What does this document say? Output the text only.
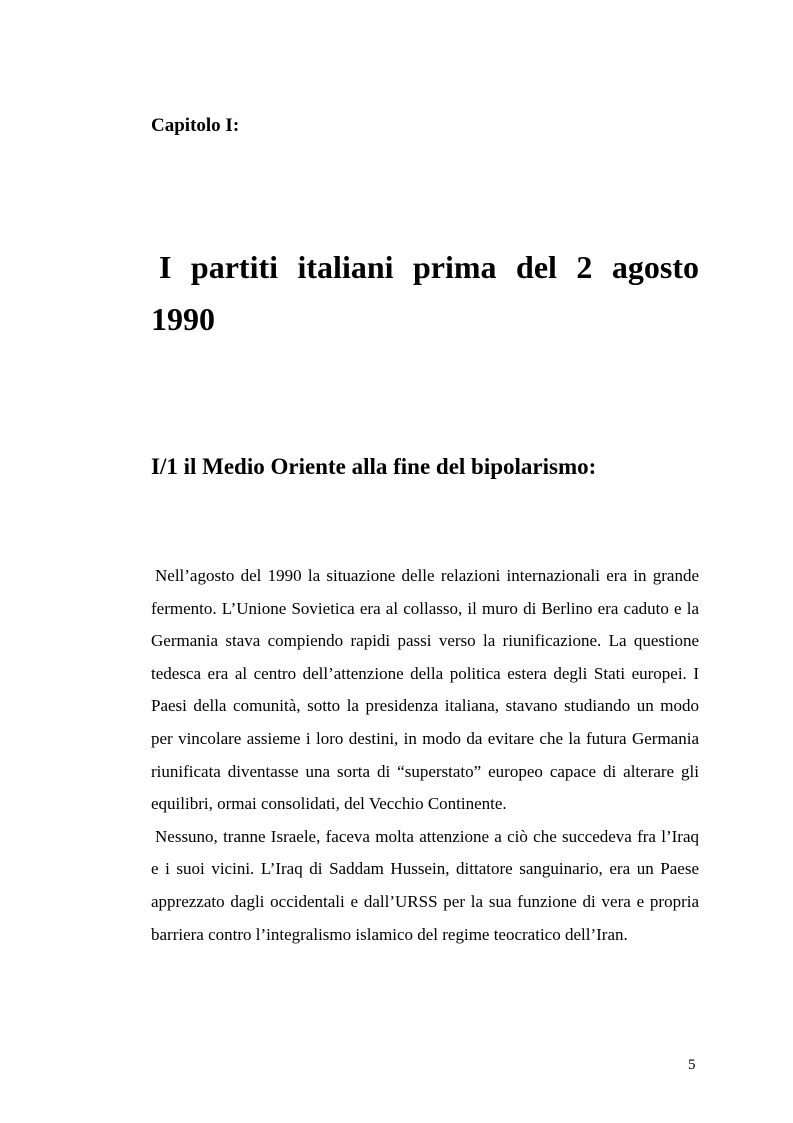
Capitolo I:
I partiti italiani prima del 2 agosto
1990
I/1 il Medio Oriente alla fine del bipolarismo:

Nell’agosto del 1990 la situazione delle relazioni internazionali era in grande fermento. L’Unione Sovietica era al collasso, il muro di Berlino era caduto e la Germania stava compiendo rapidi passi verso la riunificazione. La questione tedesca era al centro dell’attenzione della politica estera degli Stati europei. I Paesi della comunità, sotto la presidenza italiana, stavano studiando un modo per vincolare assieme i loro destini, in modo da evitare che la futura Germania riunificata diventasse una sorta di “superstato” europeo capace di alterare gli equilibri, ormai consolidati, del Vecchio Continente.

Nessuno, tranne Israele, faceva molta attenzione a ciò che succedeva fra l’Iraq e i suoi vicini. L’Iraq di Saddam Hussein, dittatore sanguinario, era un Paese apprezzato dagli occidentali e dall’URSS per la sua funzione di vera e propria barriera contro l’integralismo islamico del regime teocratico dell’Iran.

5
